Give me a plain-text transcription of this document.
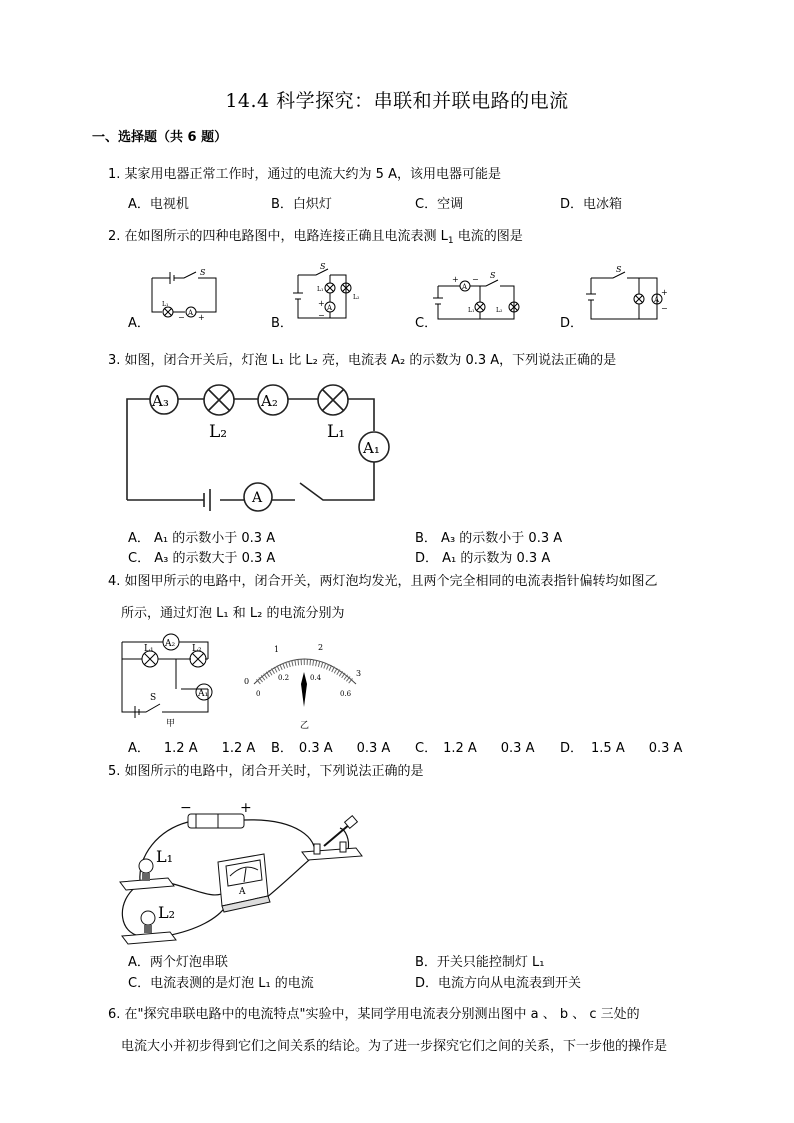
14.4 科学探究：串联和并联电路的电流
一、选择题（共 6 题）
1. 某家用电器正常工作时，通过的电流大约为 5 A，该用电器可能是
A．电视机	B．白炽灯	C．空调	D．电冰箱
2. 在如图所示的四种电路图中，电路连接正确且电流表测 $L_1$ 电流的图是
A．	B．	C．	D．
S
L₁
A
− +
S
L₁
L₂
A
+
−
S
+ −
A
L₁	L₂
S
A
+
−
3. 如图，闭合开关后，灯泡 L₁ 比 L₂ 亮，电流表 A₂ 的示数为 0.3 A，下列说法正确的是
A₃	A₂
A₁
A
L₂	L₁
A． A₁ 的示数小于 0.3 A	B． A₃ 的示数小于 0.3 A
C． A₃ 的示数大于 0.3 A	D． A₁ 的示数为 0.3 A
4. 如图甲所示的电路中，闭合开关，两灯泡均发光，且两个完全相同的电流表指针偏转均如图乙
所示，通过灯泡 L₁ 和 L₂ 的电流分别为
A₂
A₁
L₁	L₂
S
甲
0
1	2
3
0
0.2	0.4
0.6
乙
A． 1.2 A 1.2 A B． 0.3 A 0.3 A C． 1.2 A 0.3 A D． 1.5 A 0.3 A
5. 如图所示的电路中，闭合开关时，下列说法正确的是
−	+
L₁
L₂
A
A．两个灯泡串联	B．开关只能控制灯 L₁
C．电流表测的是灯泡 L₁ 的电流	D．电流方向从电流表到开关
6. 在"探究串联电路中的电流特点"实验中，某同学用电流表分别测出图中 a 、 b 、 c 三处的
电流大小并初步得到它们之间关系的结论。为了进一步探究它们之间的关系，下一步他的操作是
